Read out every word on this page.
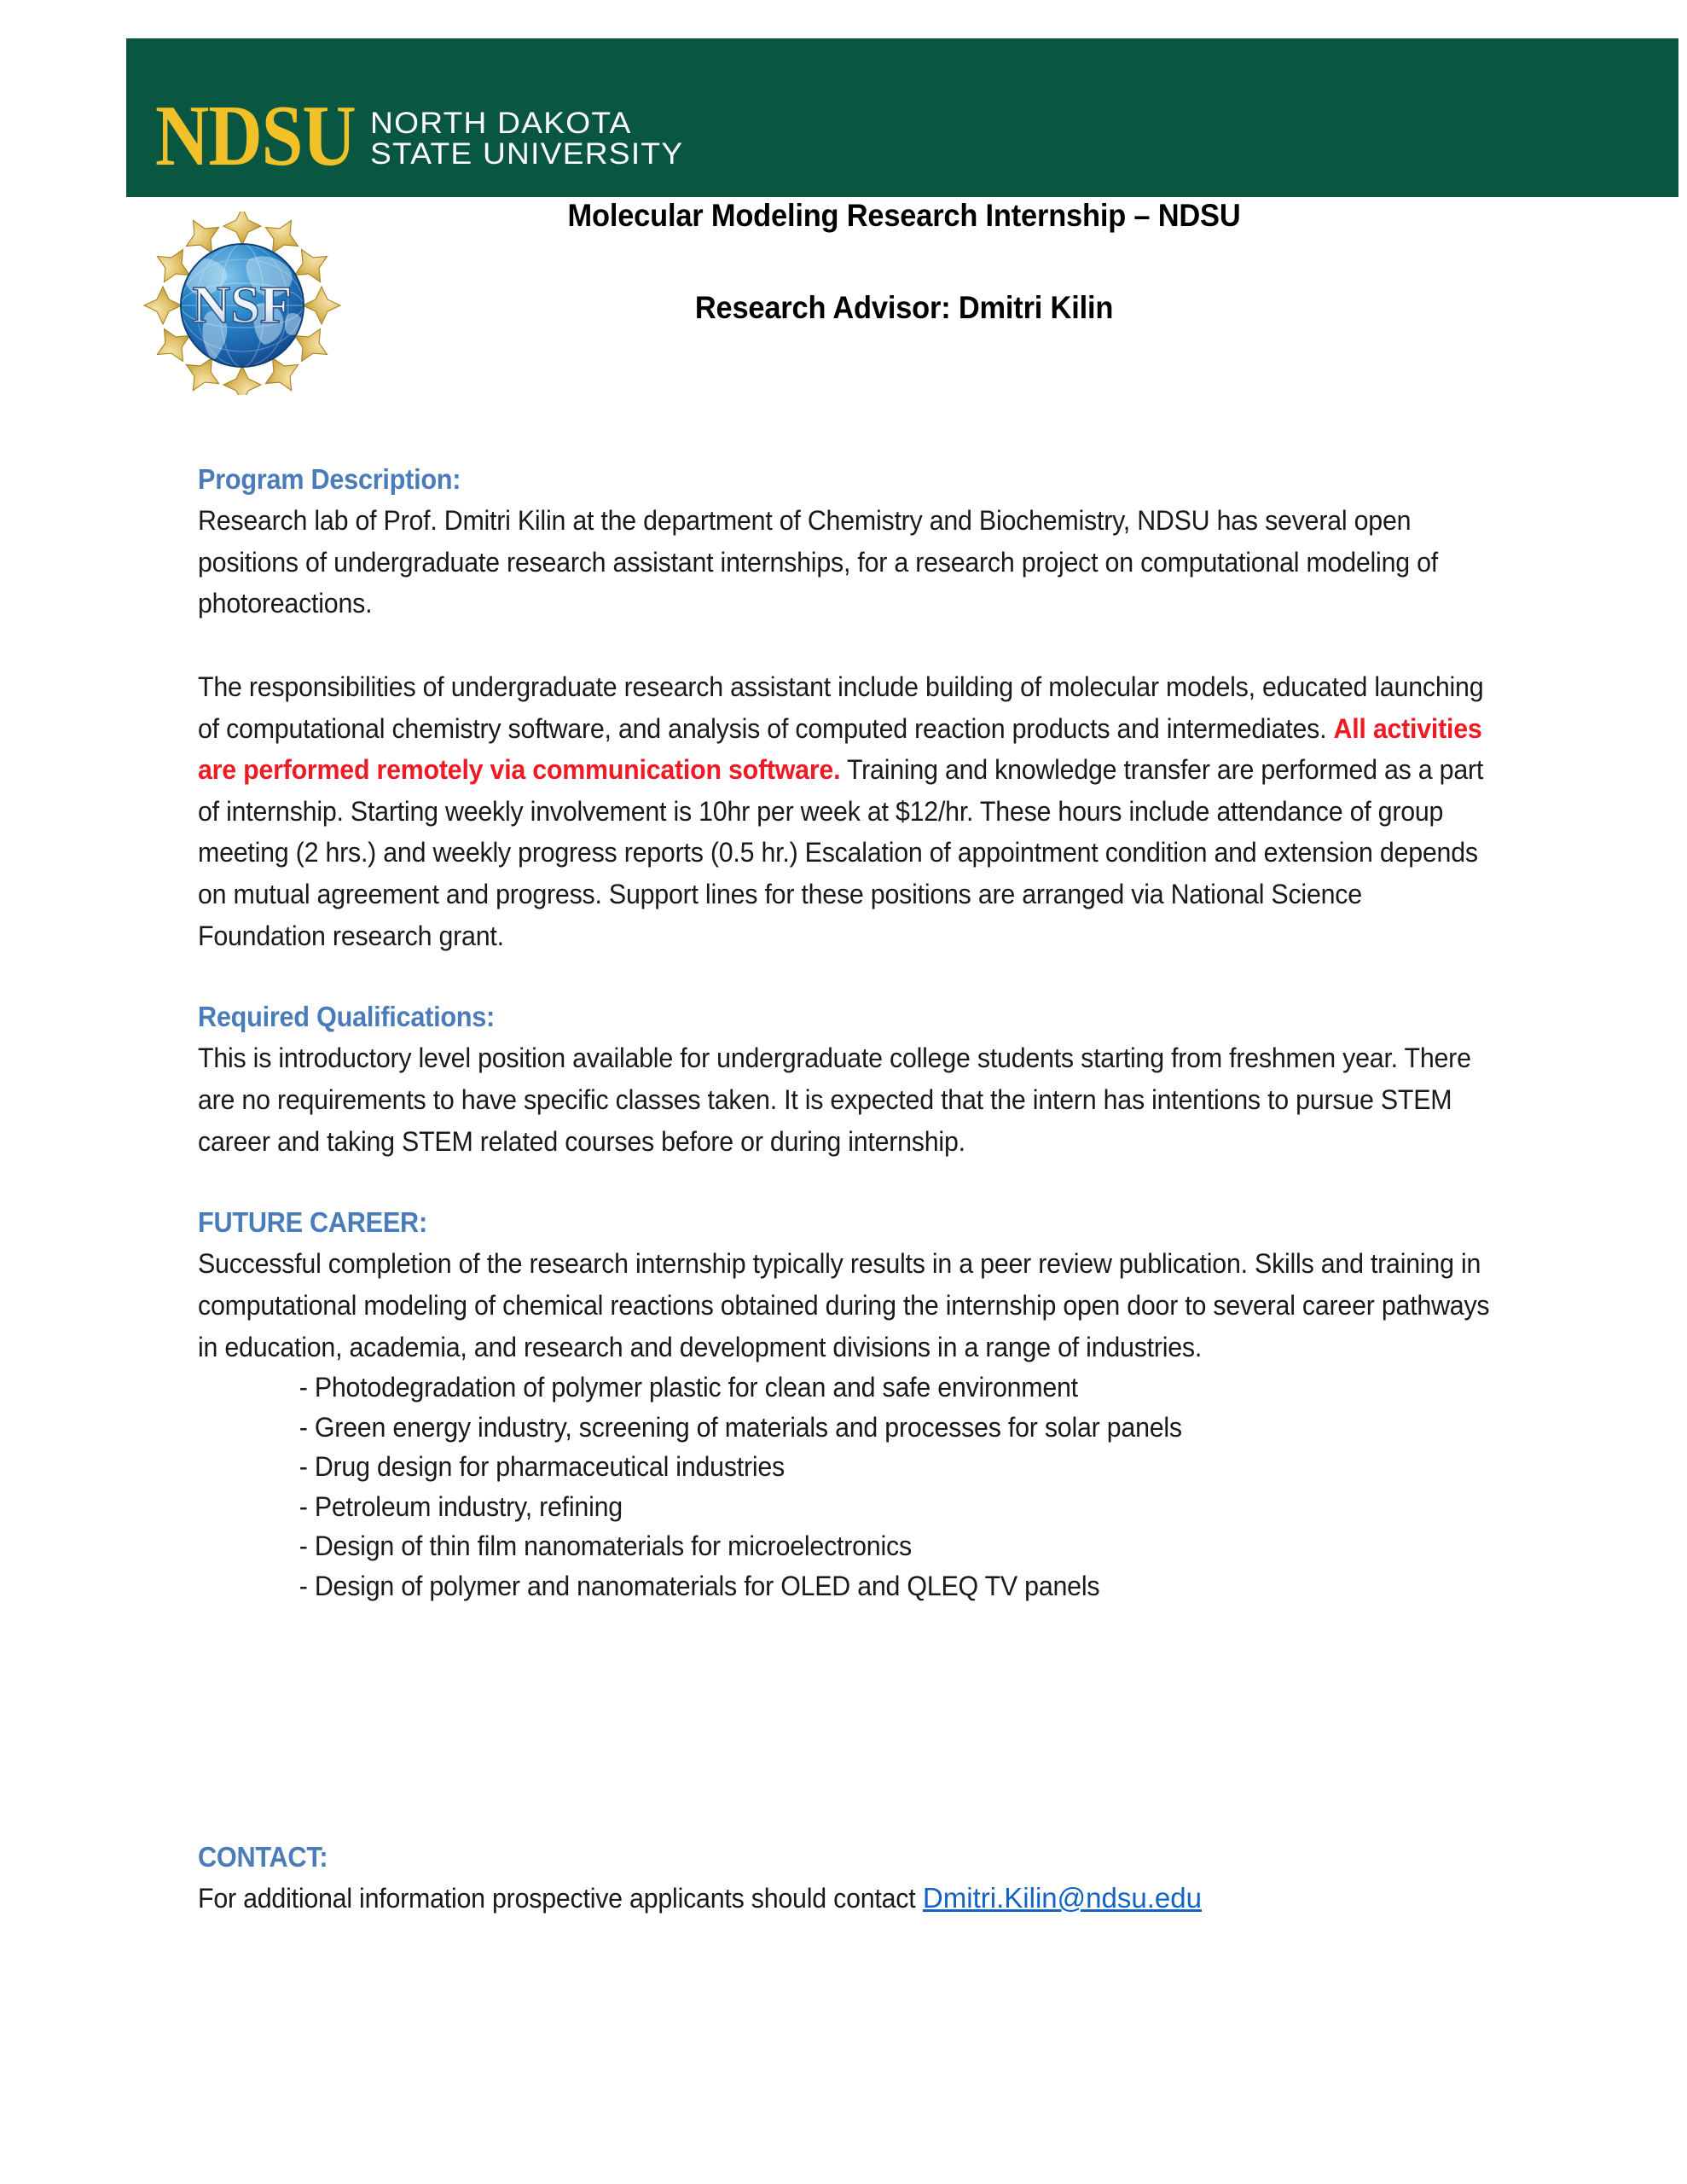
NDSU NORTH DAKOTA
STATE UNIVERSITY
NSF
Molecular Modeling Research Internship – NDSU
Research Advisor: Dmitri Kilin
Program Description:

Research lab of Prof. Dmitri Kilin at the department of Chemistry and Biochemistry, NDSU has several open positions of undergraduate research assistant internships, for a research project on computational modeling of photoreactions.

The responsibilities of undergraduate research assistant include building of molecular models, educated launching of computational chemistry software, and analysis of computed reaction products and intermediates. All activities are performed remotely via communication software. Training and knowledge transfer are performed as a part of internship. Starting weekly involvement is 10hr per week at $12/hr. These hours include attendance of group meeting (2 hrs.) and weekly progress reports (0.5 hr.) Escalation of appointment condition and extension depends on mutual agreement and progress. Support lines for these positions are arranged via National Science Foundation research grant.

Required Qualifications:

This is introductory level position available for undergraduate college students starting from freshmen year. There are no requirements to have specific classes taken. It is expected that the intern has intentions to pursue STEM career and taking STEM related courses before or during internship.

FUTURE CAREER:

Successful completion of the research internship typically results in a peer review publication. Skills and training in computational modeling of chemical reactions obtained during the internship open door to several career pathways in education, academia, and research and development divisions in a range of industries.

- Photodegradation of polymer plastic for clean and safe environment
- Green energy industry, screening of materials and processes for solar panels
- Drug design for pharmaceutical industries
- Petroleum industry, refining
- Design of thin film nanomaterials for microelectronics
- Design of polymer and nanomaterials for OLED and QLEQ TV panels
CONTACT:

For additional information prospective applicants should contact Dmitri.Kilin@ndsu.edu
